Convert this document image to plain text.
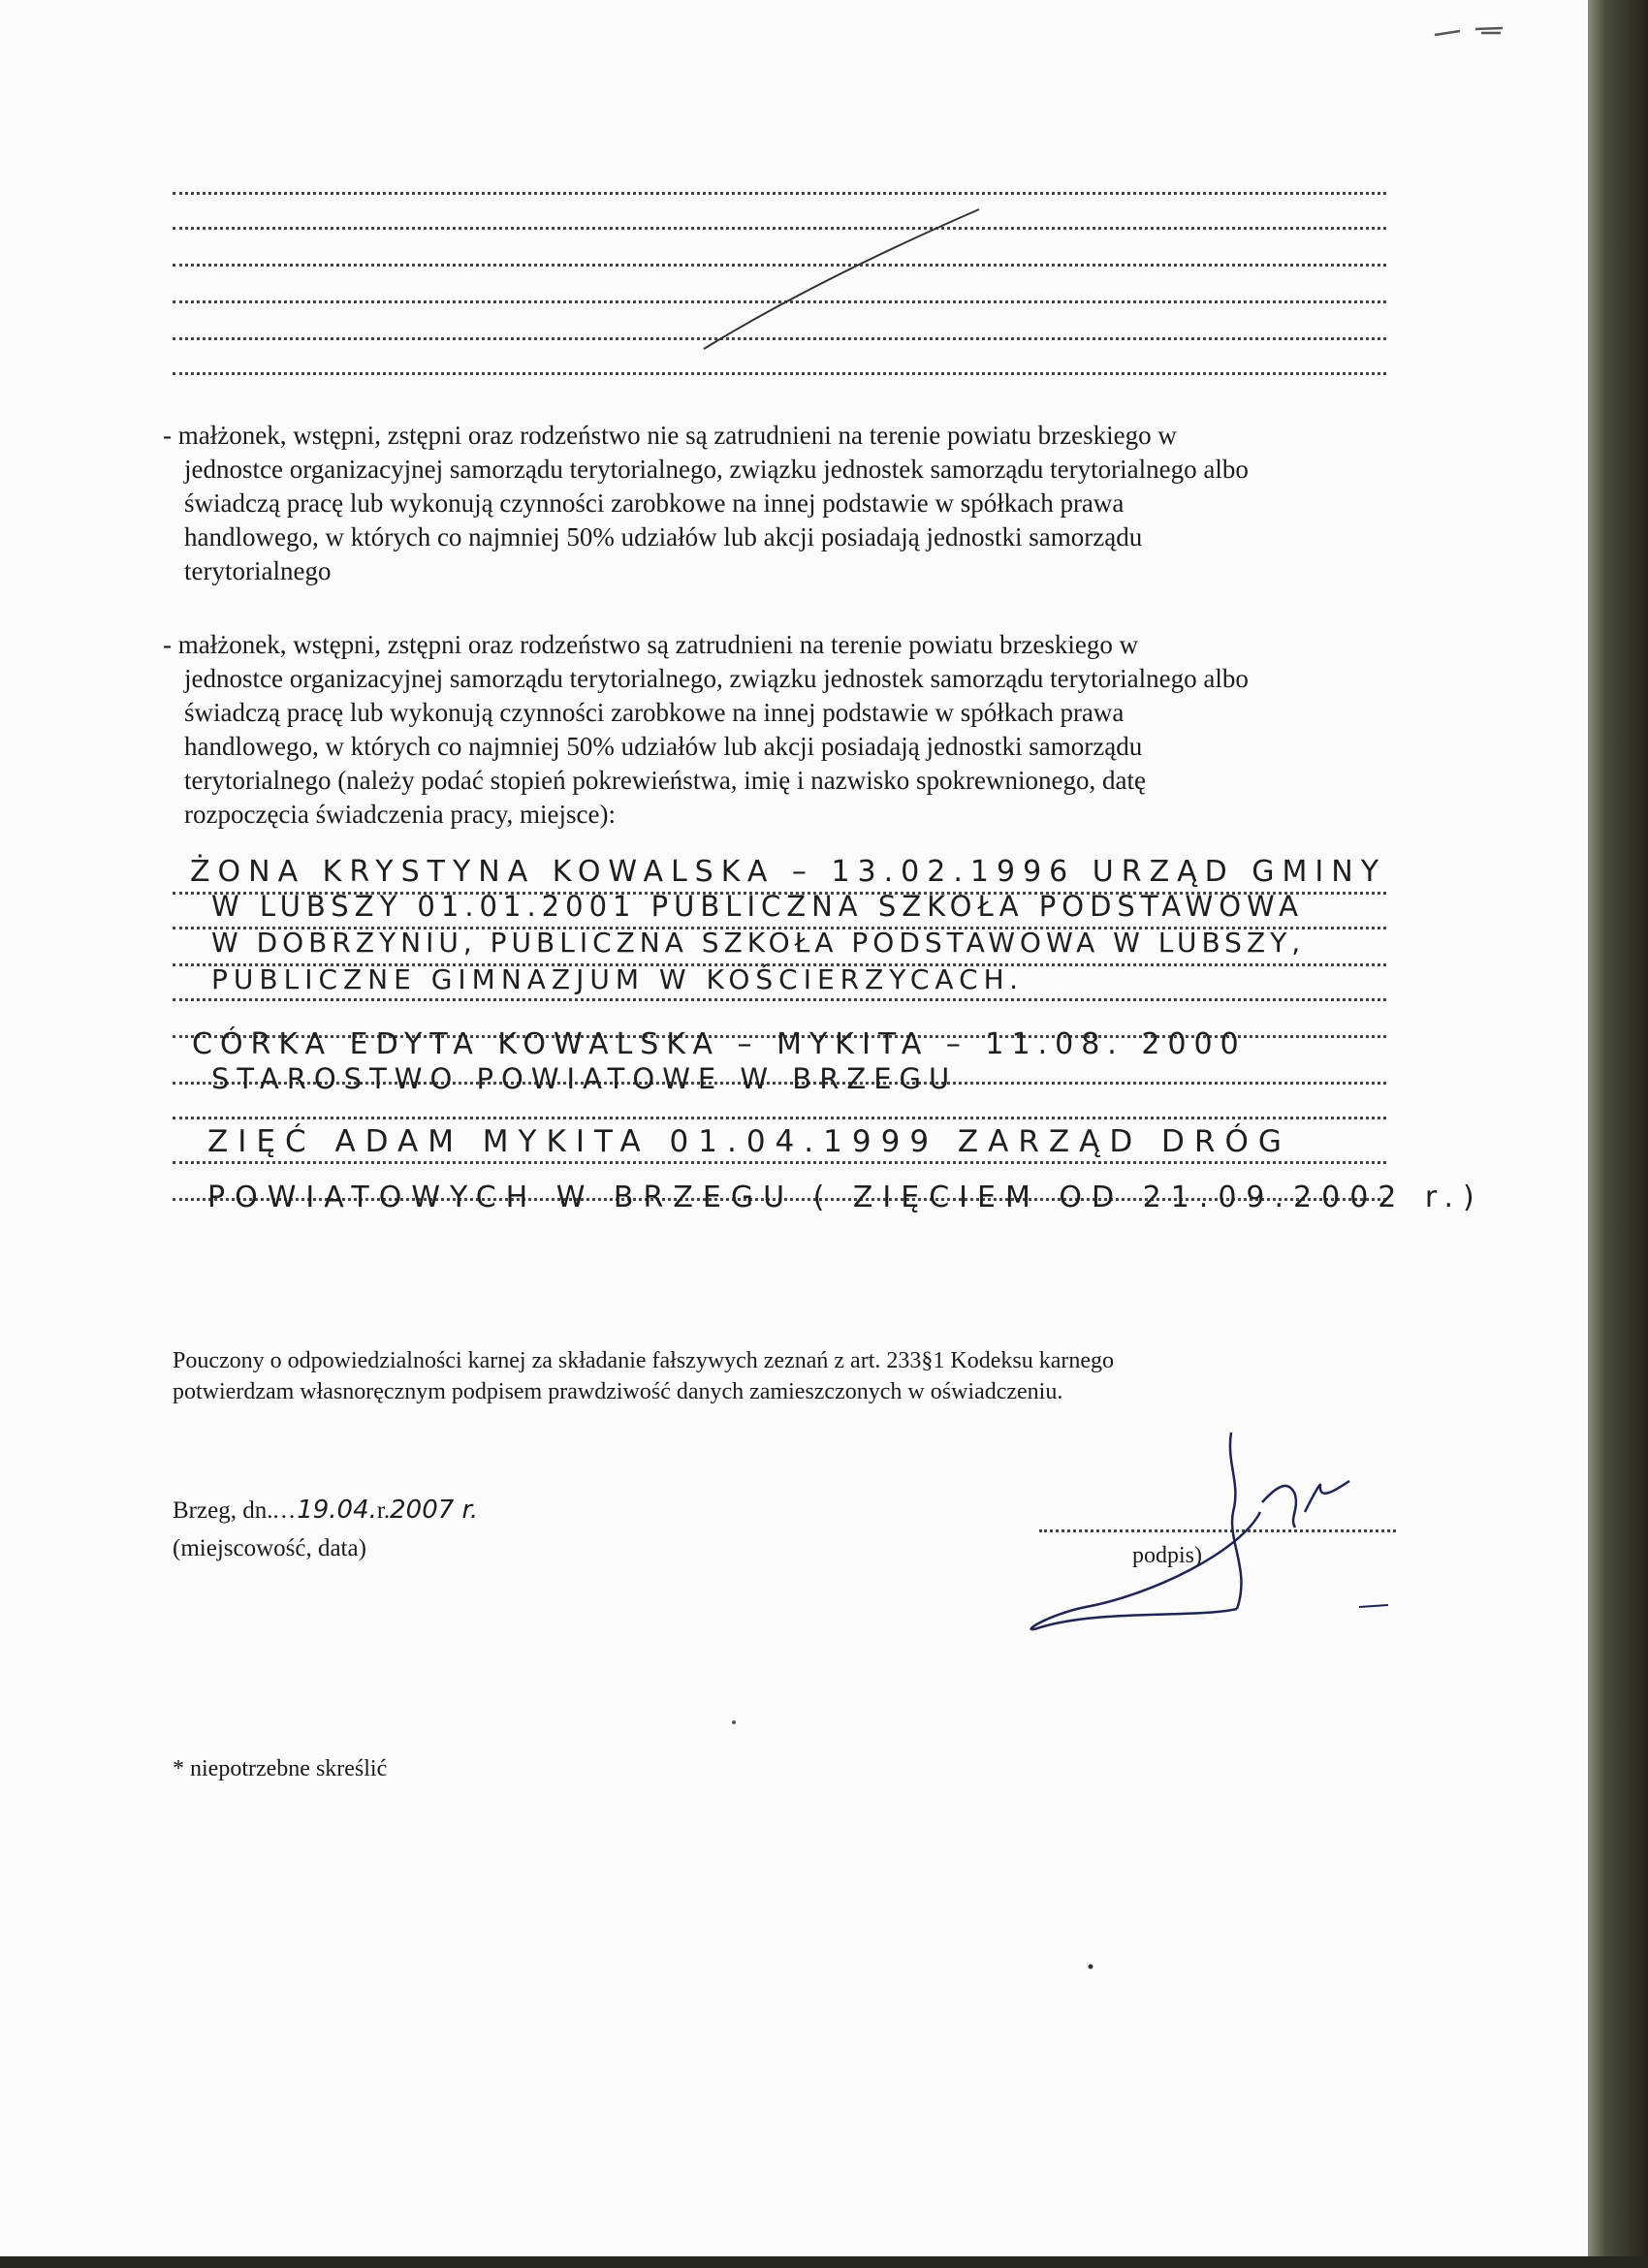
- małżonek, wstępni, zstępni oraz rodzeństwo nie są zatrudnieni na terenie powiatu brzeskiego w
jednostce organizacyjnej samorządu terytorialnego, związku jednostek samorządu terytorialnego albo
świadczą pracę lub wykonują czynności zarobkowe na innej podstawie w spółkach prawa
handlowego, w których co najmniej 50% udziałów lub akcji posiadają jednostki samorządu
terytorialnego
- małżonek, wstępni, zstępni oraz rodzeństwo są zatrudnieni na terenie powiatu brzeskiego w
jednostce organizacyjnej samorządu terytorialnego, związku jednostek samorządu terytorialnego albo
świadczą pracę lub wykonują czynności zarobkowe na innej podstawie w spółkach prawa
handlowego, w których co najmniej 50% udziałów lub akcji posiadają jednostki samorządu
terytorialnego (należy podać stopień pokrewieństwa, imię i nazwisko spokrewnionego, datę
rozpoczęcia świadczenia pracy, miejsce):
ŻONA KRYSTYNA KOWALSKA – 13.02.1996 URZĄD GMINY
W LUBSZY 01.01.2001 PUBLICZNA SZKOŁA PODSTAWOWA
W DOBRZYNIU, PUBLICZNA SZKOŁA PODSTAWOWA W LUBSZY,
PUBLICZNE GIMNAZJUM W KOŚCIERZYCACH.
CÓRKA EDYTA KOWALSKA – MYKITA – 11.08. 2000
STAROSTWO POWIATOWE W BRZEGU
ZIĘĆ ADAM MYKITA 01.04.1999 ZARZĄD DRÓG
POWIATOWYCH W BRZEGU ( ZIĘCIEM OD 21.09.2002 r.)
Pouczony o odpowiedzialności karnej za składanie fałszywych zeznań z art. 233§1 Kodeksu karnego
potwierdzam własnoręcznym podpisem prawdziwość danych zamieszczonych w oświadczeniu.
Brzeg, dn....19.04.r.2007 r.
(miejscowość, data)	podpis)
* niepotrzebne skreślić
